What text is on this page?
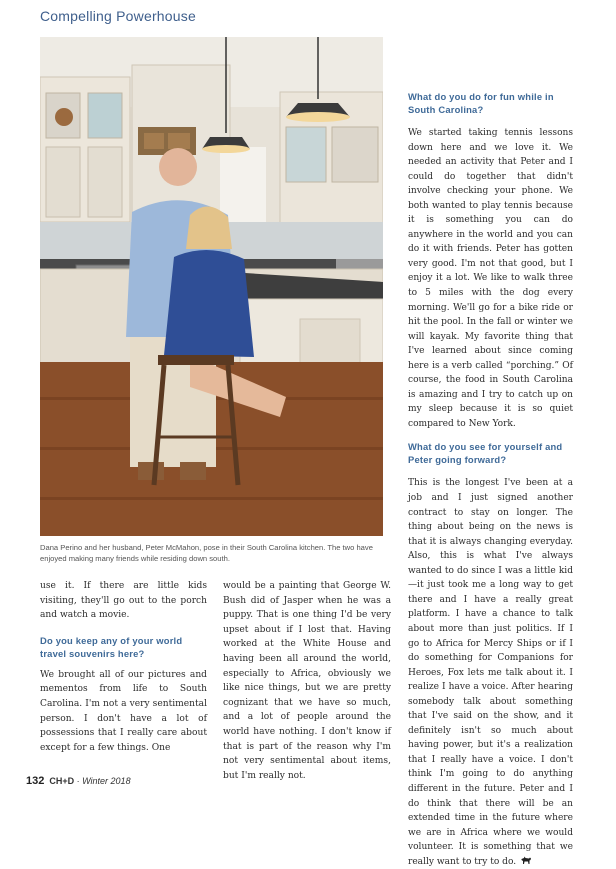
Compelling Powerhouse
Dana Perino and her husband, Peter McMahon, pose in their South Carolina kitchen. The two have enjoyed making many friends while residing down south.

use it. If there are little kids visiting, they'll go out to the porch and watch a movie.

Do you keep any of your world travel souvenirs here?

We brought all of our pictures and mementos from life to South Carolina. I'm not a very sentimental person. I don't have a lot of possessions that I really care about except for a few things. One

would be a painting that George W. Bush did of Jasper when he was a puppy. That is one thing I'd be very upset about if I lost that. Having worked at the White House and having been all around the world, especially to Africa, obviously we like nice things, but we are pretty cognizant that we have so much, and a lot of people around the world have nothing. I don't know if that is part of the reason why I'm not very sentimental about items, but I'm really not.

What do you do for fun while in South Carolina?

We started taking tennis lessons down here and we love it. We needed an activity that Peter and I could do together that didn't involve checking your phone. We both wanted to play tennis because it is something you can do anywhere in the world and you can do it with friends. Peter has gotten very good. I'm not that good, but I enjoy it a lot. We like to walk three to 5 miles with the dog every morning. We'll go for a bike ride or hit the pool. In the fall or winter we will kayak. My favorite thing that I've learned about since coming here is a verb called “porching.” Of course, the food in South Carolina is amazing and I try to catch up on my sleep because it is so quiet compared to New York.

What do you see for yourself and Peter going forward?

This is the longest I've been at a job and I just signed another contract to stay on longer. The thing about being on the news is that it is always changing everyday. Also, this is what I've always wanted to do since I was a little kid—it just took me a long way to get there and I have a really great platform. I have a chance to talk about more than just politics. If I go to Africa for Mercy Ships or if I do something for Companions for Heroes, Fox lets me talk about it. I realize I have a voice. After hearing somebody talk about something that I've said on the show, and it definitely isn't so much about having power, but it's a realization that I really have a voice. I don't think I'm going to do anything different in the future. Peter and I do think that there will be an extended time in the future where we are in Africa where we would volunteer. It is something that we really want to try to do.

132 CH+D · Winter 2018
